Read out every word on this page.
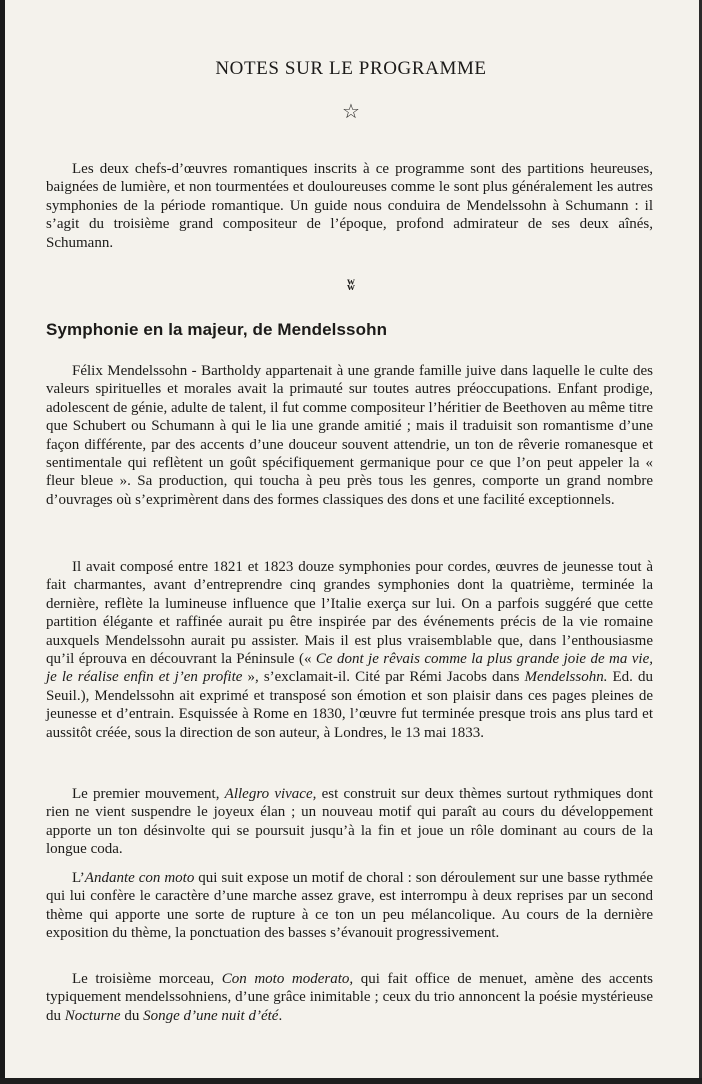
NOTES SUR LE PROGRAMME
☆

Les deux chefs-d’œuvres romantiques inscrits à ce programme sont des partitions heureuses, baignées de lumière, et non tourmentées et douloureuses comme le sont plus généralement les autres symphonies de la période romantique. Un guide nous conduira de Mendelssohn à Schumann : il s’agit du troisième grand compositeur de l’époque, profond admirateur de ses deux aînés, Schumann.

ʬ
Symphonie en la majeur, de Mendelssohn

Félix Mendelssohn - Bartholdy appartenait à une grande famille juive dans laquelle le culte des valeurs spirituelles et morales avait la primauté sur toutes autres préoccupations. Enfant prodige, adolescent de génie, adulte de talent, il fut comme compositeur l’héritier de Beethoven au même titre que Schubert ou Schumann à qui le lia une grande amitié ; mais il traduisit son romantisme d’une façon différente, par des accents d’une douceur souvent attendrie, un ton de rêverie romanesque et sentimentale qui reflètent un goût spécifiquement germanique pour ce que l’on peut appeler la « fleur bleue ». Sa production, qui toucha à peu près tous les genres, comporte un grand nombre d’ouvrages où s’exprimèrent dans des formes classiques des dons et une facilité exceptionnels.

Il avait composé entre 1821 et 1823 douze symphonies pour cordes, œuvres de jeunesse tout à fait charmantes, avant d’entreprendre cinq grandes symphonies dont la quatrième, terminée la dernière, reflète la lumineuse influence que l’Italie exerça sur lui. On a parfois suggéré que cette partition élégante et raffinée aurait pu être inspirée par des événements précis de la vie romaine auxquels Mendelssohn aurait pu assister. Mais il est plus vraisemblable que, dans l’enthousiasme qu’il éprouva en découvrant la Péninsule (« Ce dont je rêvais comme la plus grande joie de ma vie, je le réalise enfin et j’en profite », s’exclamait-il. Cité par Rémi Jacobs dans Mendelssohn. Ed. du Seuil.), Mendelssohn ait exprimé et transposé son émotion et son plaisir dans ces pages pleines de jeunesse et d’entrain. Esquissée à Rome en 1830, l’œuvre fut terminée presque trois ans plus tard et aussitôt créée, sous la direction de son auteur, à Londres, le 13 mai 1833.

Le premier mouvement, Allegro vivace, est construit sur deux thèmes surtout rythmiques dont rien ne vient suspendre le joyeux élan ; un nouveau motif qui paraît au cours du développement apporte un ton désinvolte qui se poursuit jusqu’à la fin et joue un rôle dominant au cours de la longue coda.

L’Andante con moto qui suit expose un motif de choral : son déroulement sur une basse rythmée qui lui confère le caractère d’une marche assez grave, est interrompu à deux reprises par un second thème qui apporte une sorte de rupture à ce ton un peu mélancolique. Au cours de la dernière exposition du thème, la ponctuation des basses s’évanouit progressivement.

Le troisième morceau, Con moto moderato, qui fait office de menuet, amène des accents typiquement mendelssohniens, d’une grâce inimitable ; ceux du trio annoncent la poésie mystérieuse du Nocturne du Songe d’une nuit d’été.
